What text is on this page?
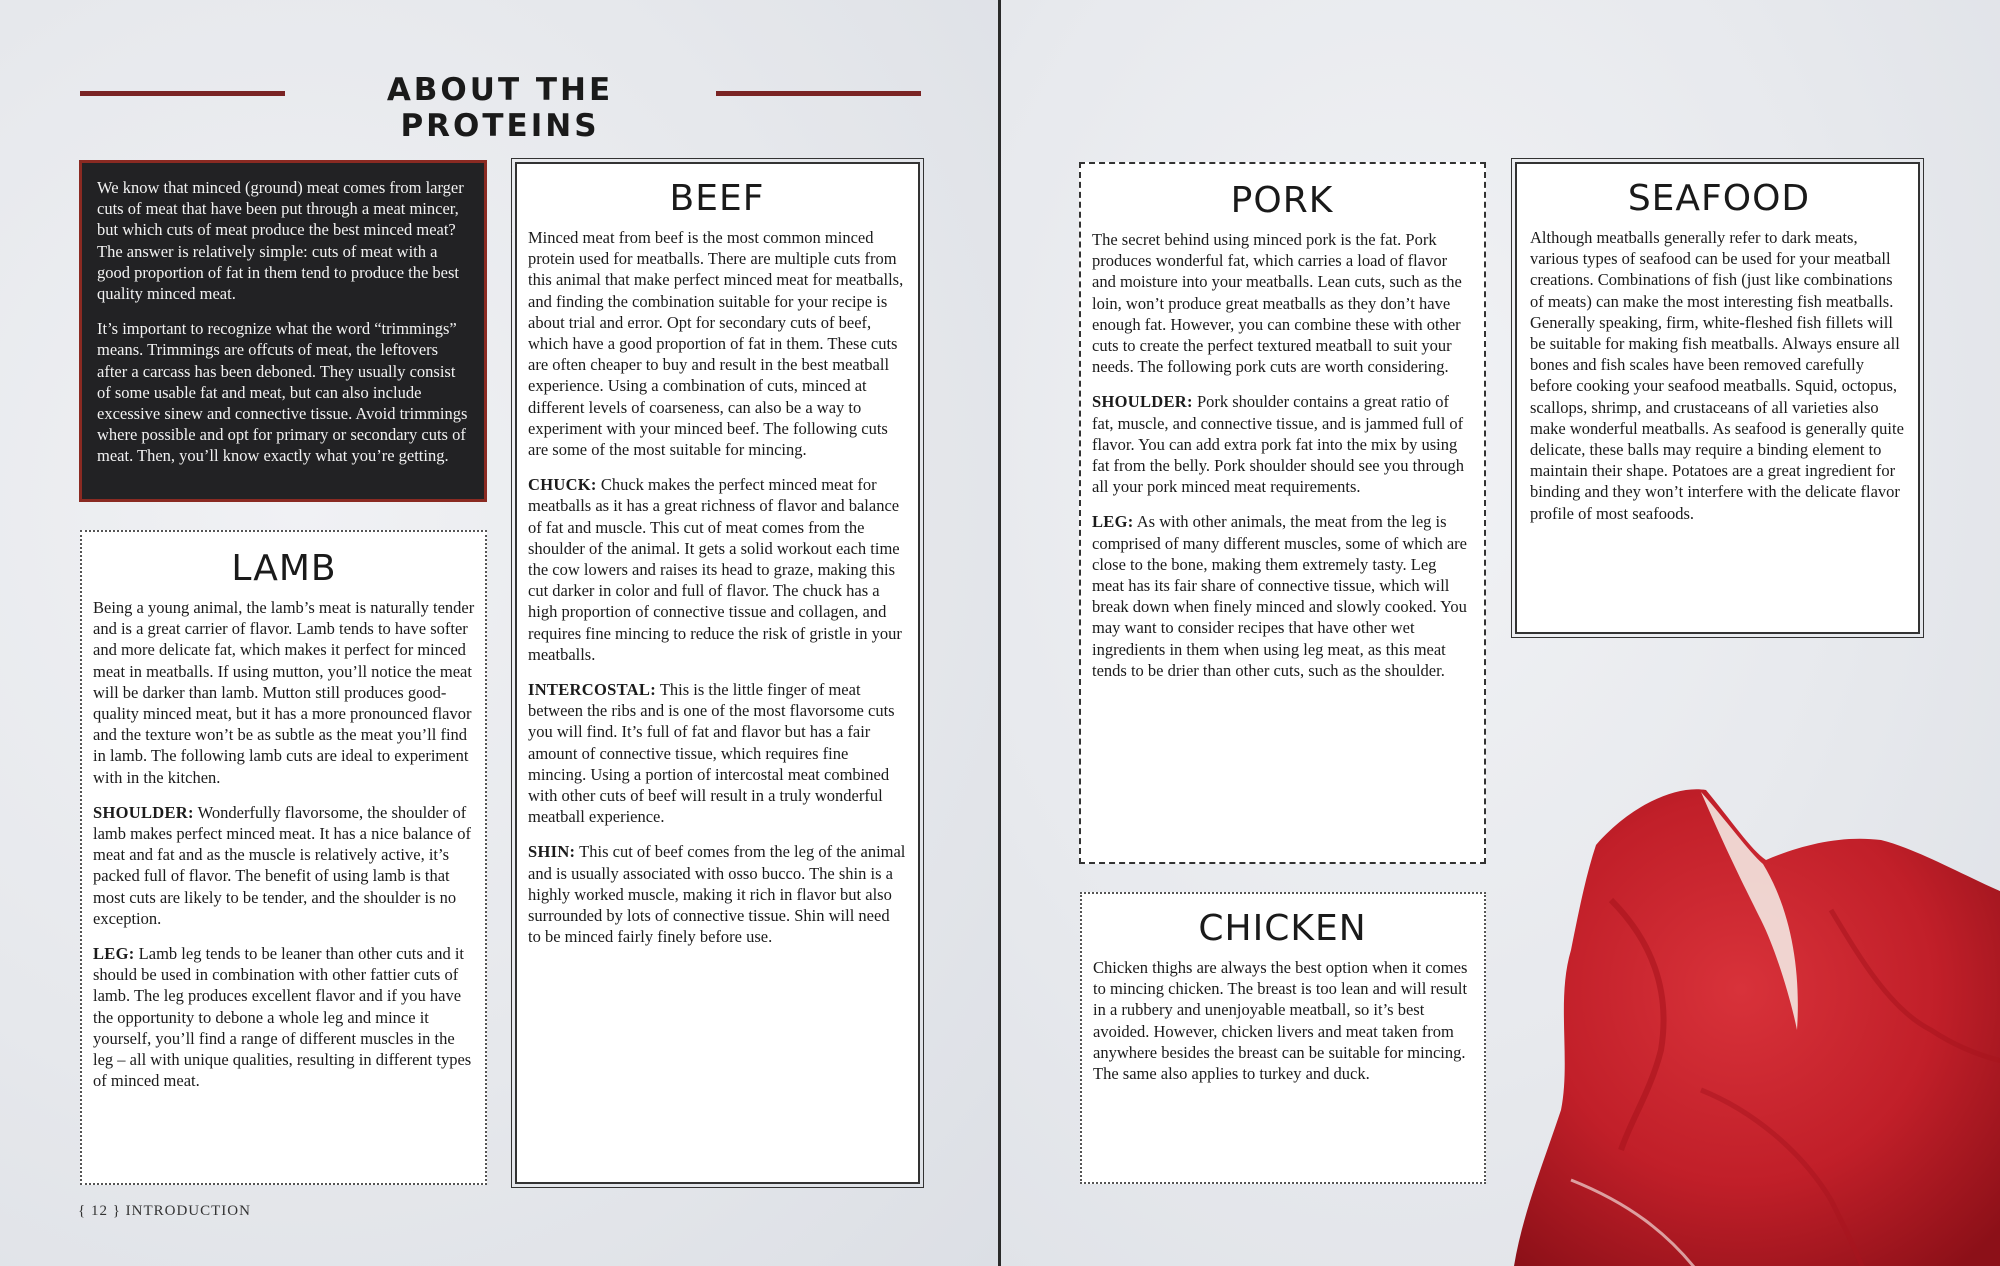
ABOUT THE PROTEINS

We know that minced (ground) meat comes from larger cuts of meat that have been put through a meat mincer, but which cuts of meat produce the best minced meat? The answer is relatively simple: cuts of meat with a good proportion of fat in them tend to produce the best quality minced meat.

It’s important to recognize what the word “trimmings” means. Trimmings are offcuts of meat, the leftovers after a carcass has been deboned. They usually consist of some usable fat and meat, but can also include excessive sinew and connective tissue. Avoid trimmings where possible and opt for primary or secondary cuts of meat. Then, you’ll know exactly what you’re getting.

LAMB

Being a young animal, the lamb’s meat is naturally tender and is a great carrier of flavor. Lamb tends to have softer and more delicate fat, which makes it perfect for minced meat in meatballs. If using mutton, you’ll notice the meat will be darker than lamb. Mutton still produces good-quality minced meat, but it has a more pronounced flavor and the texture won’t be as subtle as the meat you’ll find in lamb. The following lamb cuts are ideal to experiment with in the kitchen.

SHOULDER: Wonderfully flavorsome, the shoulder of lamb makes perfect minced meat. It has a nice balance of meat and fat and as the muscle is relatively active, it’s packed full of flavor. The benefit of using lamb is that most cuts are likely to be tender, and the shoulder is no exception.

LEG: Lamb leg tends to be leaner than other cuts and it should be used in combination with other fattier cuts of lamb. The leg produces excellent flavor and if you have the opportunity to debone a whole leg and mince it yourself, you’ll find a range of different muscles in the leg – all with unique qualities, resulting in different types of minced meat.

BEEF

Minced meat from beef is the most common minced protein used for meatballs. There are multiple cuts from this animal that make perfect minced meat for meatballs, and finding the combination suitable for your recipe is about trial and error. Opt for secondary cuts of beef, which have a good proportion of fat in them. These cuts are often cheaper to buy and result in the best meatball experience. Using a combination of cuts, minced at different levels of coarseness, can also be a way to experiment with your minced beef. The following cuts are some of the most suitable for mincing.

CHUCK: Chuck makes the perfect minced meat for meatballs as it has a great richness of flavor and balance of fat and muscle. This cut of meat comes from the shoulder of the animal. It gets a solid workout each time the cow lowers and raises its head to graze, making this cut darker in color and full of flavor. The chuck has a high proportion of connective tissue and collagen, and requires fine mincing to reduce the risk of gristle in your meatballs.

INTERCOSTAL: This is the little finger of meat between the ribs and is one of the most flavorsome cuts you will find. It’s full of fat and flavor but has a fair amount of connective tissue, which requires fine mincing. Using a portion of intercostal meat combined with other cuts of beef will result in a truly wonderful meatball experience.

SHIN: This cut of beef comes from the leg of the animal and is usually associated with osso bucco. The shin is a highly worked muscle, making it rich in flavor but also surrounded by lots of connective tissue. Shin will need to be minced fairly finely before use.

{ 12 } INTRODUCTION
PORK

The secret behind using minced pork is the fat. Pork produces wonderful fat, which carries a load of flavor and moisture into your meatballs. Lean cuts, such as the loin, won’t produce great meatballs as they don’t have enough fat. However, you can combine these with other cuts to create the perfect textured meatball to suit your needs. The following pork cuts are worth considering.

SHOULDER: Pork shoulder contains a great ratio of fat, muscle, and connective tissue, and is jammed full of flavor. You can add extra pork fat into the mix by using fat from the belly. Pork shoulder should see you through all your pork minced meat requirements.

LEG: As with other animals, the meat from the leg is comprised of many different muscles, some of which are close to the bone, making them extremely tasty. Leg meat has its fair share of connective tissue, which will break down when finely minced and slowly cooked. You may want to consider recipes that have other wet ingredients in them when using leg meat, as this meat tends to be drier than other cuts, such as the shoulder.

SEAFOOD

Although meatballs generally refer to dark meats, various types of seafood can be used for your meatball creations. Combinations of fish (just like combinations of meats) can make the most interesting fish meatballs. Generally speaking, firm, white-fleshed fish fillets will be suitable for making fish meatballs. Always ensure all bones and fish scales have been removed carefully before cooking your seafood meatballs. Squid, octopus, scallops, shrimp, and crustaceans of all varieties also make wonderful meatballs. As seafood is generally quite delicate, these balls may require a binding element to maintain their shape. Potatoes are a great ingredient for binding and they won’t interfere with the delicate flavor profile of most seafoods.

CHICKEN

Chicken thighs are always the best option when it comes to mincing chicken. The breast is too lean and will result in a rubbery and unenjoyable meatball, so it’s best avoided. However, chicken livers and meat taken from anywhere besides the breast can be suitable for mincing. The same also applies to turkey and duck.
